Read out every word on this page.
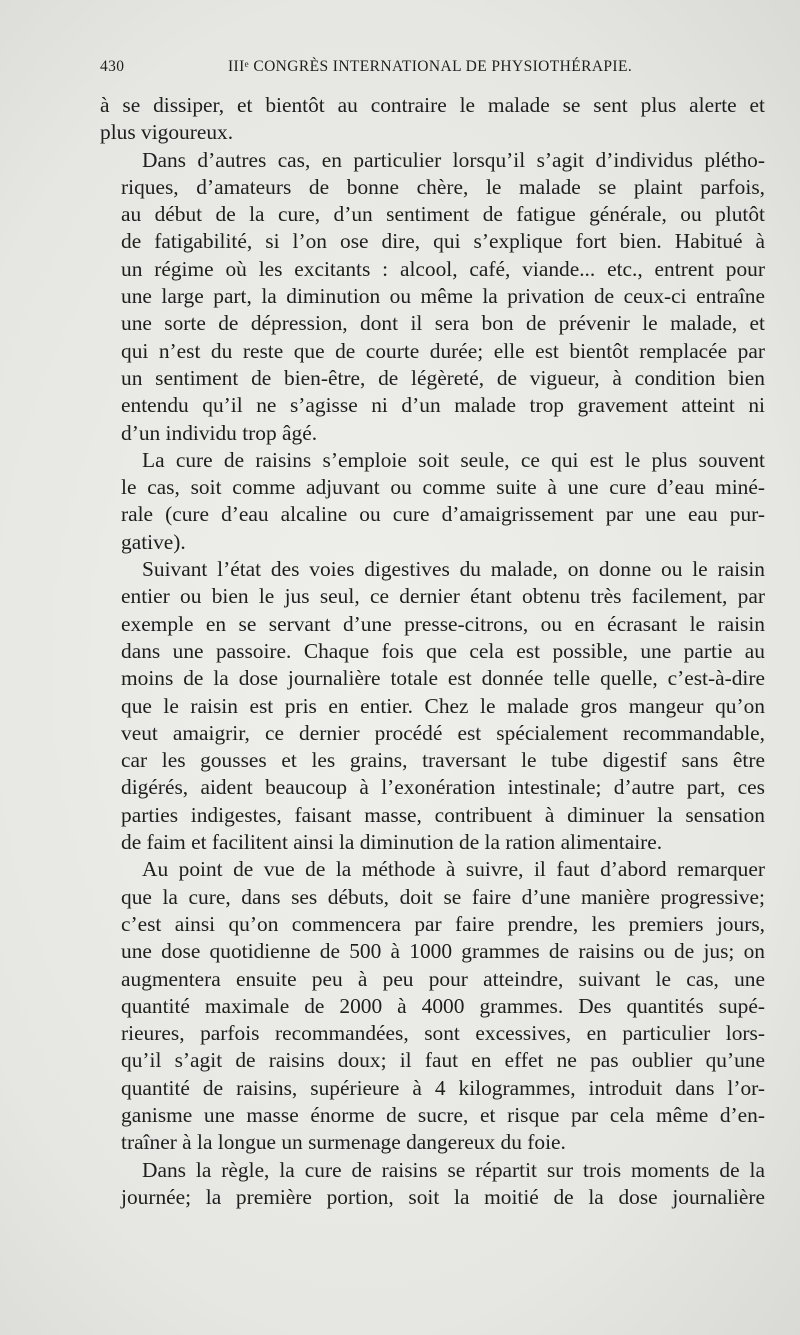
430	IIIᵉ CONGRÈS INTERNATIONAL DE PHYSIOTHÉRAPIE.

à se dissiper, et bientôt au contraire le malade se sent plus alerte et
plus vigoureux.

Dans d’autres cas, en particulier lorsqu’il s’agit d’individus plétho-
riques, d’amateurs de bonne chère, le malade se plaint parfois,
au début de la cure, d’un sentiment de fatigue générale, ou plutôt
de fatigabilité, si l’on ose dire, qui s’explique fort bien. Habitué à
un régime où les excitants : alcool, café, viande... etc., entrent pour
une large part, la diminution ou même la privation de ceux-ci entraîne
une sorte de dépression, dont il sera bon de prévenir le malade, et
qui n’est du reste que de courte durée; elle est bientôt remplacée par
un sentiment de bien-être, de légèreté, de vigueur, à condition bien
entendu qu’il ne s’agisse ni d’un malade trop gravement atteint ni
d’un individu trop âgé.

La cure de raisins s’emploie soit seule, ce qui est le plus souvent
le cas, soit comme adjuvant ou comme suite à une cure d’eau miné-
rale (cure d’eau alcaline ou cure d’amaigrissement par une eau pur-
gative).

Suivant l’état des voies digestives du malade, on donne ou le raisin
entier ou bien le jus seul, ce dernier étant obtenu très facilement, par
exemple en se servant d’une presse-citrons, ou en écrasant le raisin
dans une passoire. Chaque fois que cela est possible, une partie au
moins de la dose journalière totale est donnée telle quelle, c’est-à-dire
que le raisin est pris en entier. Chez le malade gros mangeur qu’on
veut amaigrir, ce dernier procédé est spécialement recommandable,
car les gousses et les grains, traversant le tube digestif sans être
digérés, aident beaucoup à l’exonération intestinale; d’autre part, ces
parties indigestes, faisant masse, contribuent à diminuer la sensation
de faim et facilitent ainsi la diminution de la ration alimentaire.

Au point de vue de la méthode à suivre, il faut d’abord remarquer
que la cure, dans ses débuts, doit se faire d’une manière progressive;
c’est ainsi qu’on commencera par faire prendre, les premiers jours,
une dose quotidienne de 500 à 1000 grammes de raisins ou de jus; on
augmentera ensuite peu à peu pour atteindre, suivant le cas, une
quantité maximale de 2000 à 4000 grammes. Des quantités supé-
rieures, parfois recommandées, sont excessives, en particulier lors-
qu’il s’agit de raisins doux; il faut en effet ne pas oublier qu’une
quantité de raisins, supérieure à 4 kilogrammes, introduit dans l’or-
ganisme une masse énorme de sucre, et risque par cela même d’en-
traîner à la longue un surmenage dangereux du foie.

Dans la règle, la cure de raisins se répartit sur trois moments de la
journée; la première portion, soit la moitié de la dose journalière
